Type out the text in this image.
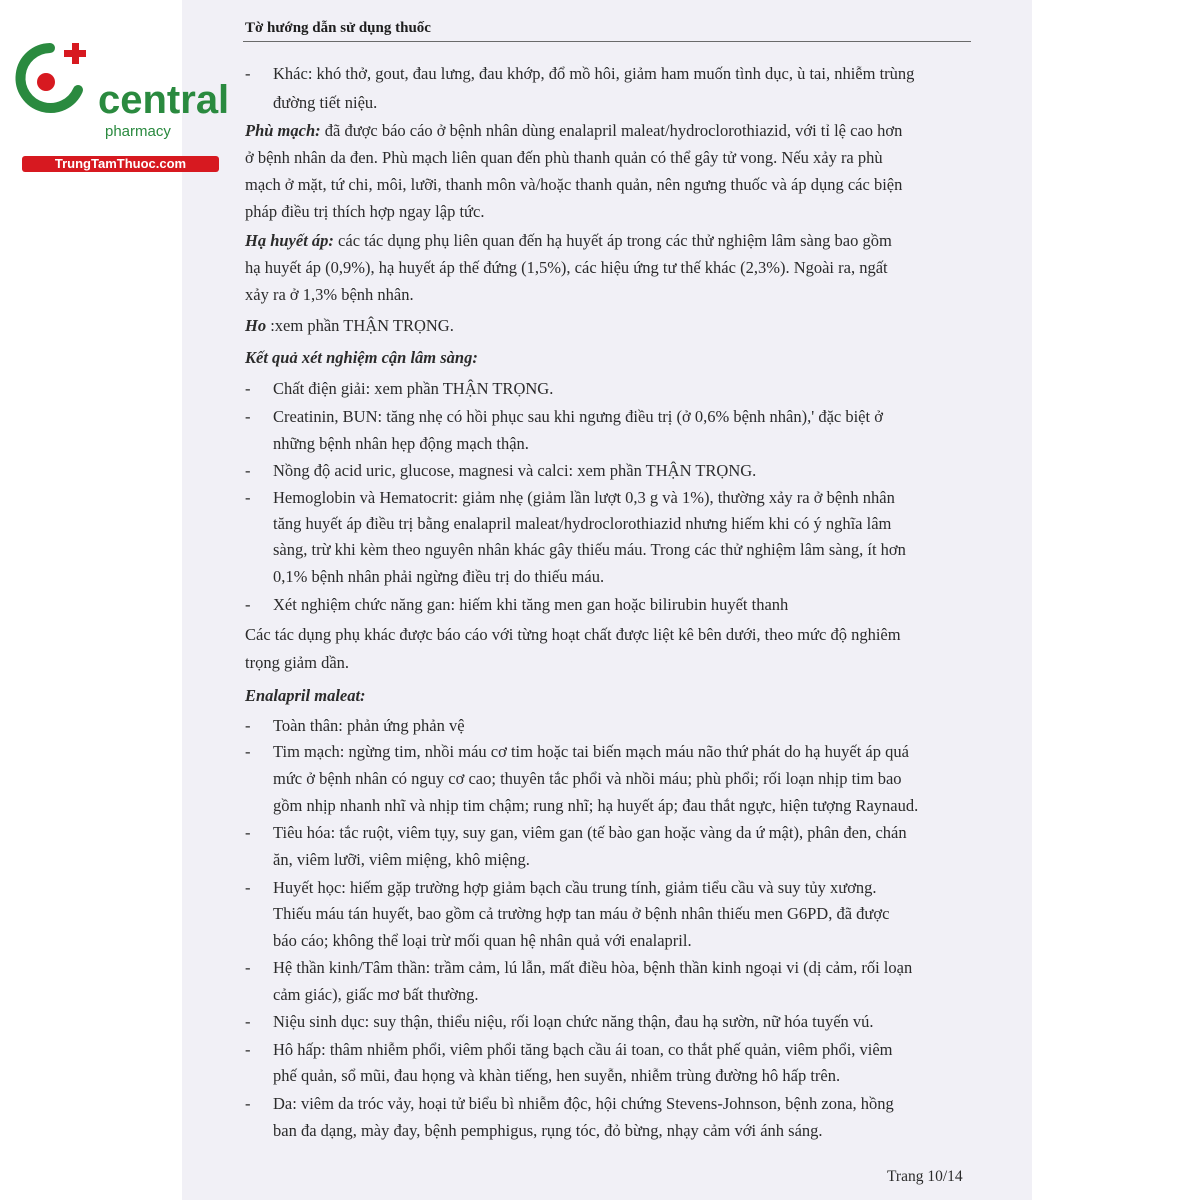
central
pharmacy
TrungTamThuoc.com
Tờ hướng dẫn sử dụng thuốc
- Khác: khó thở, gout, đau lưng, đau khớp, đổ mồ hôi, giảm ham muốn tình dục, ù tai, nhiễm trùng
đường tiết niệu.
Phù mạch: đã được báo cáo ở bệnh nhân dùng enalapril maleat/hydroclorothiazid, với tỉ lệ cao hơn
ở bệnh nhân da đen. Phù mạch liên quan đến phù thanh quản có thể gây tử vong. Nếu xảy ra phù
mạch ở mặt, tứ chi, môi, lưỡi, thanh môn và/hoặc thanh quản, nên ngưng thuốc và áp dụng các biện
pháp điều trị thích hợp ngay lập tức.
Hạ huyết áp: các tác dụng phụ liên quan đến hạ huyết áp trong các thử nghiệm lâm sàng bao gồm
hạ huyết áp (0,9%), hạ huyết áp thế đứng (1,5%), các hiệu ứng tư thế khác (2,3%). Ngoài ra, ngất
xảy ra ở 1,3% bệnh nhân.
Ho :xem phần THẬN TRỌNG.
Kết quả xét nghiệm cận lâm sàng:
- Chất điện giải: xem phần THẬN TRỌNG.
- Creatinin, BUN: tăng nhẹ có hồi phục sau khi ngưng điều trị (ở 0,6% bệnh nhân),' đặc biệt ở
những bệnh nhân hẹp động mạch thận.
- Nồng độ acid uric, glucose, magnesi và calci: xem phần THẬN TRỌNG.
- Hemoglobin và Hematocrit: giảm nhẹ (giảm lần lượt 0,3 g và 1%), thường xảy ra ở bệnh nhân
tăng huyết áp điều trị bằng enalapril maleat/hydroclorothiazid nhưng hiếm khi có ý nghĩa lâm
sàng, trừ khi kèm theo nguyên nhân khác gây thiếu máu. Trong các thử nghiệm lâm sàng, ít hơn
0,1% bệnh nhân phải ngừng điều trị do thiếu máu.
- Xét nghiệm chức năng gan: hiếm khi tăng men gan hoặc bilirubin huyết thanh
Các tác dụng phụ khác được báo cáo với từng hoạt chất được liệt kê bên dưới, theo mức độ nghiêm
trọng giảm dần.
Enalapril maleat:
- Toàn thân: phản ứng phản vệ
- Tim mạch: ngừng tim, nhồi máu cơ tim hoặc tai biến mạch máu não thứ phát do hạ huyết áp quá
mức ở bệnh nhân có nguy cơ cao; thuyên tắc phổi và nhồi máu; phù phổi; rối loạn nhịp tim bao
gồm nhịp nhanh nhĩ và nhịp tim chậm; rung nhĩ; hạ huyết áp; đau thắt ngực, hiện tượng Raynaud.
- Tiêu hóa: tắc ruột, viêm tụy, suy gan, viêm gan (tế bào gan hoặc vàng da ứ mật), phân đen, chán
ăn, viêm lưỡi, viêm miệng, khô miệng.
- Huyết học: hiếm gặp trường hợp giảm bạch cầu trung tính, giảm tiểu cầu và suy tủy xương.
Thiếu máu tán huyết, bao gồm cả trường hợp tan máu ở bệnh nhân thiếu men G6PD, đã được
báo cáo; không thể loại trừ mối quan hệ nhân quả với enalapril.
- Hệ thần kinh/Tâm thần: trầm cảm, lú lẫn, mất điều hòa, bệnh thần kinh ngoại vi (dị cảm, rối loạn
cảm giác), giấc mơ bất thường.
- Niệu sinh dục: suy thận, thiểu niệu, rối loạn chức năng thận, đau hạ sườn, nữ hóa tuyến vú.
- Hô hấp: thâm nhiễm phổi, viêm phổi tăng bạch cầu ái toan, co thắt phế quản, viêm phổi, viêm
phế quản, sổ mũi, đau họng và khàn tiếng, hen suyễn, nhiễm trùng đường hô hấp trên.
- Da: viêm da tróc vảy, hoại tử biểu bì nhiễm độc, hội chứng Stevens-Johnson, bệnh zona, hồng
ban đa dạng, mày đay, bệnh pemphigus, rụng tóc, đỏ bừng, nhạy cảm với ánh sáng.
Trang 10/14
